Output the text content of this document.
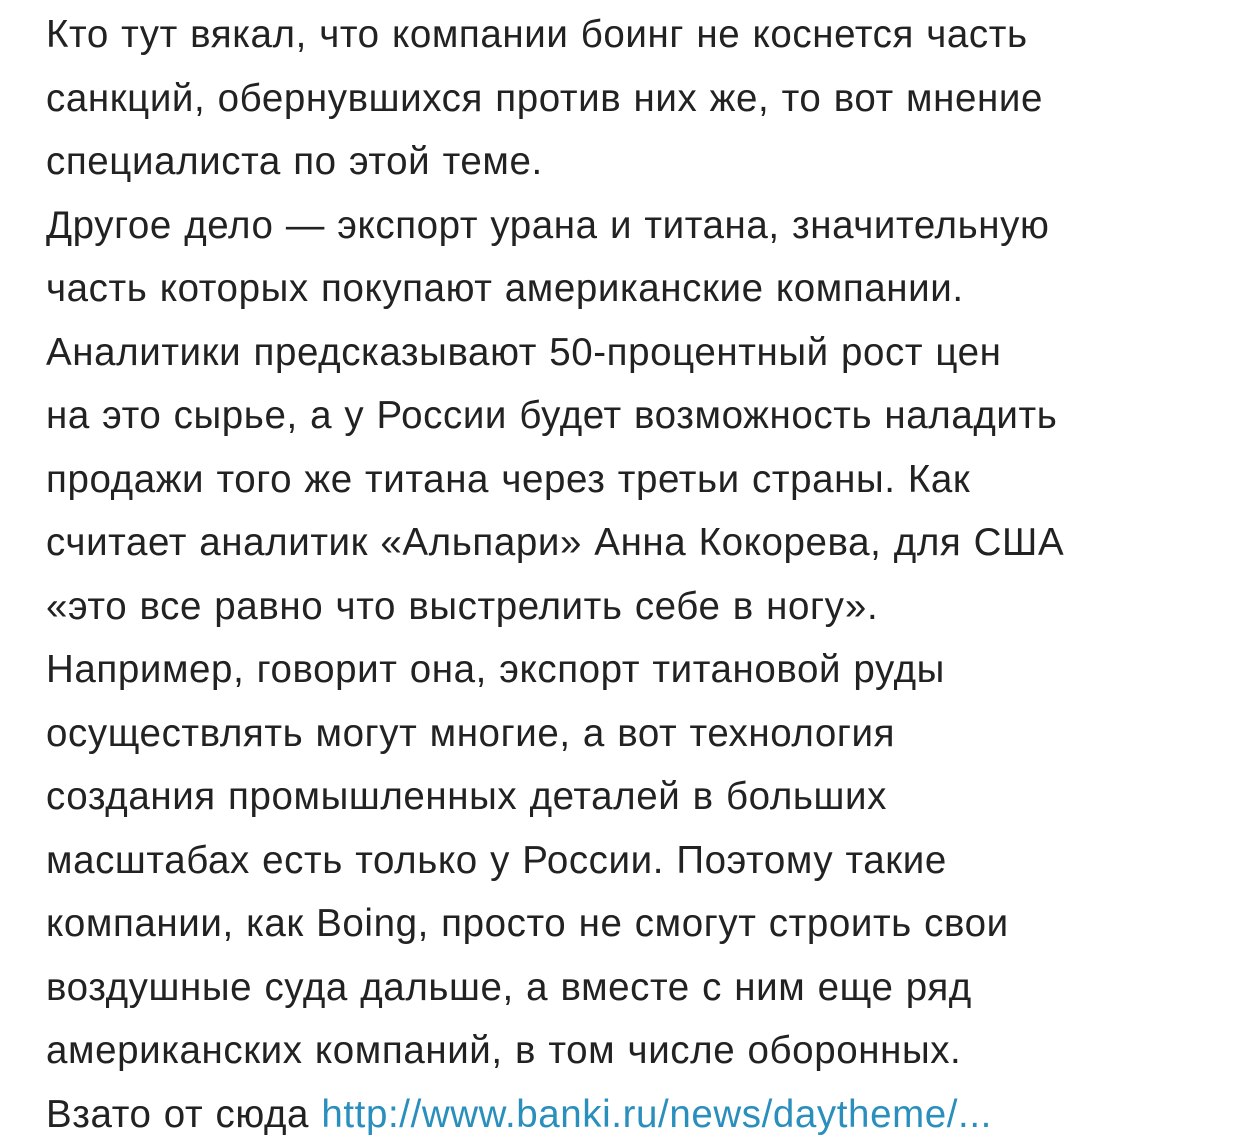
Кто тут вякал, что компании боинг не коснется часть
санкций, обернувшихся против них же, то вот мнение
специалиста по этой теме.
Другое дело — экспорт урана и титана, значительную
часть которых покупают американские компании.
Аналитики предсказывают 50-процентный рост цен
на это сырье, а у России будет возможность наладить
продажи того же титана через третьи страны. Как
считает аналитик «Альпари» Анна Кокорева, для США
«это все равно что выстрелить себе в ногу».
Например, говорит она, экспорт титановой руды
осуществлять могут многие, а вот технология
создания промышленных деталей в больших
масштабах есть только у России. Поэтому такие
компании, как Boing, просто не смогут строить свои
воздушные суда дальше, а вместе с ним еще ряд
американских компаний, в том числе оборонных.
Взато от сюда http://www.banki.ru/news/daytheme/...
